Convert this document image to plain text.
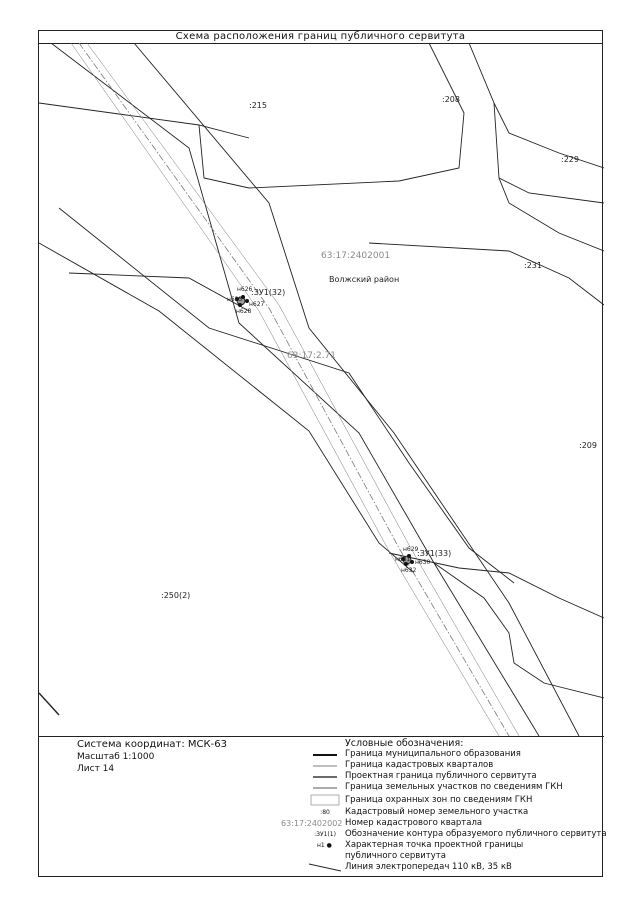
Схема расположения границ публичного сервитута
:215
:208
:229
63:17:2402001
Волжский район
:231
:ЗУ1(32)
н626
н625
н627
н628
63:17:2.71
:209
:ЗУ1(33)
н629
н631 н630
н632
:250(2)
Система координат: МСК-63
Масштаб 1:1000
Лист 14
Условные обозначения:
Граница муниципального образования
Граница кадастровых кварталов
Проектная граница публичного сервитута
Граница земельных участков по сведениям ГКН
Граница охранных зон по сведениям ГКН
:80	Кадастровый номер земельного участка
63:17:2402002 Номер кадастрового квартала
:ЗУ1(1)	Обозначение контура образуемого публичного сервитута
н1 ●	Характерная точка проектной границы
публичного сервитута
Линия электропередач 110 кВ, 35 кВ
